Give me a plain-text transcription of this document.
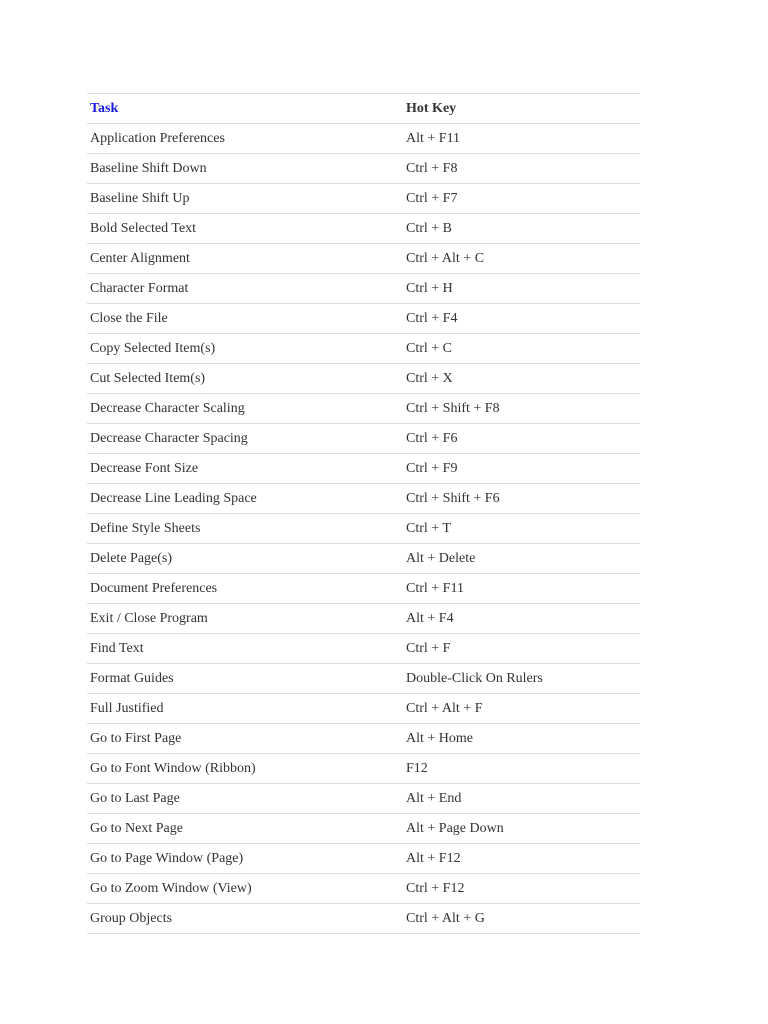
Task	Hot Key
Application Preferences	Alt + F11
Baseline Shift Down	Ctrl + F8
Baseline Shift Up	Ctrl + F7
Bold Selected Text	Ctrl + B
Center Alignment	Ctrl + Alt + C
Character Format	Ctrl + H
Close the File	Ctrl + F4
Copy Selected Item(s)	Ctrl + C
Cut Selected Item(s)	Ctrl + X
Decrease Character Scaling	Ctrl + Shift + F8
Decrease Character Spacing	Ctrl + F6
Decrease Font Size	Ctrl + F9
Decrease Line Leading Space	Ctrl + Shift + F6
Define Style Sheets	Ctrl + T
Delete Page(s)	Alt + Delete
Document Preferences	Ctrl + F11
Exit / Close Program	Alt + F4
Find Text	Ctrl + F
Format Guides	Double-Click On Rulers
Full Justified	Ctrl + Alt + F
Go to First Page	Alt + Home
Go to Font Window (Ribbon)	F12
Go to Last Page	Alt + End
Go to Next Page	Alt + Page Down
Go to Page Window (Page)	Alt + F12
Go to Zoom Window (View)	Ctrl + F12
Group Objects	Ctrl + Alt + G
